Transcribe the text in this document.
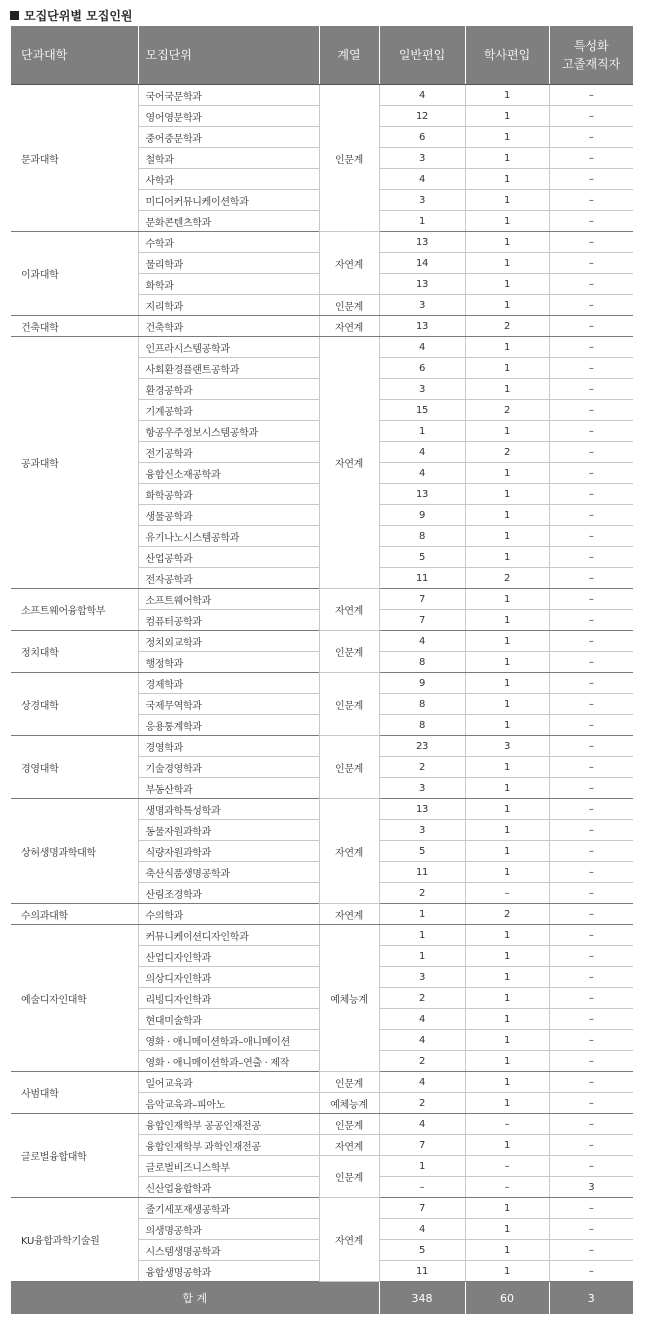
모집단위별 모집인원
단과대학	모집단위	계열	일반편입	학사편입	특성화
고졸재직자
문과대학	국어국문학과	인문계	4	1	–
	영어영문학과		12	1	–
	중어중문학과		6	1	–
	철학과		3	1	–
	사학과		4	1	–
	미디어커뮤니케이션학과		3	1	–
	문화콘텐츠학과		1	1	–
이과대학	수학과	자연계	13	1	–
	물리학과		14	1	–
	화학과		13	1	–
	지리학과	인문계	3	1	–
건축대학	건축학과	자연계	13	2	–
공과대학	인프라시스템공학과	자연계	4	1	–
	사회환경플랜트공학과		6	1	–
	환경공학과		3	1	–
	기계공학과		15	2	–
	항공우주정보시스템공학과		1	1	–
	전기공학과		4	2	–
	융합신소재공학과		4	1	–
	화학공학과		13	1	–
	생물공학과		9	1	–
	유기나노시스템공학과		8	1	–
	산업공학과		5	1	–
	전자공학과		11	2	–
소프트웨어융합학부	소프트웨어학과	자연계	7	1	–
	컴퓨터공학과		7	1	–
정치대학	정치외교학과	인문계	4	1	–
	행정학과		8	1	–
상경대학	경제학과	인문계	9	1	–
	국제무역학과		8	1	–
	응용통계학과		8	1	–
경영대학	경영학과	인문계	23	3	–
	기술경영학과		2	1	–
	부동산학과		3	1	–
상허생명과학대학	생명과학특성학과	자연계	13	1	–
	동물자원과학과		3	1	–
	식량자원과학과		5	1	–
	축산식품생명공학과		11	1	–
	산림조경학과		2	–	–
수의과대학	수의학과	자연계	1	2	–
예술디자인대학	커뮤니케이션디자인학과	예체능계	1	1	–
	산업디자인학과		1	1	–
	의상디자인학과		3	1	–
	리빙디자인학과		2	1	–
	현대미술학과		4	1	–
	영화 · 애니메이션학과–애니메이션		4	1	–
	영화 · 애니메이션학과–연출 · 제작		2	1	–
사범대학	일어교육과	인문계	4	1	–
	음악교육과–피아노	예체능계	2	1	–
글로벌융합대학	융합인재학부 공공인재전공	인문계	4	–	–
	융합인재학부 과학인재전공	자연계	7	1	–
	글로벌비즈니스학부	인문계	1	–	–
	신산업융합학과		–	–	3
KU융합과학기술원	줄기세포재생공학과	자연계	7	1	–
	의생명공학과		4	1	–
	시스템생명공학과		5	1	–
	융합생명공학과		11	1	–
합 계			348	60	3
